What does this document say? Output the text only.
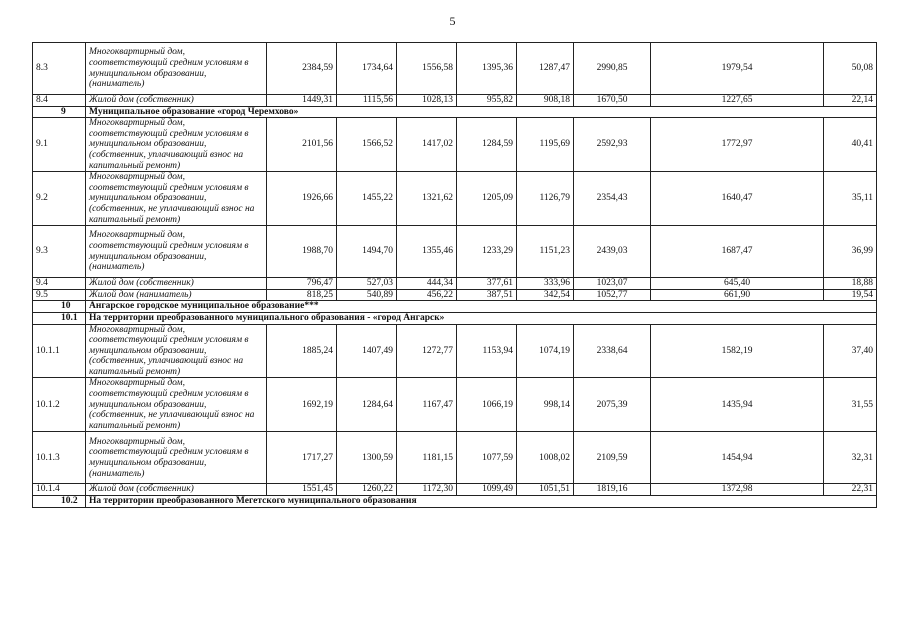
5
8.3	Многоквартирный дом, соответствующий средним условиям в муниципальном образовании, (наниматель)	2384,59	1734,64	1556,58	1395,36	1287,47	2990,85	1979,54	50,08
8.4	Жилой дом (собственник)	1449,31	1115,56	1028,13	955,82	908,18	1670,50	1227,65	22,14
9	Муниципальное образование «город Черемхово»								
9.1	Многоквартирный дом, соответствующий средним условиям в муниципальном образовании, (собственник, уплачивающий взнос на капитальный ремонт)	2101,56	1566,52	1417,02	1284,59	1195,69	2592,93	1772,97	40,41
9.2	Многоквартирный дом, соответствующий средним условиям в муниципальном образовании, (собственник, не уплачивающий взнос на капитальный ремонт)	1926,66	1455,22	1321,62	1205,09	1126,79	2354,43	1640,47	35,11
9.3	Многоквартирный дом, соответствующий средним условиям в муниципальном образовании, (наниматель)	1988,70	1494,70	1355,46	1233,29	1151,23	2439,03	1687,47	36,99
9.4	Жилой дом (собственник)	796,47	527,03	444,34	377,61	333,96	1023,07	645,40	18,88
9.5	Жилой дом (наниматель)	818,25	540,89	456,22	387,51	342,54	1052,77	661,90	19,54
10	Ангарское городское муниципальное образование***								
10.1	На территории преобразованного муниципального образования - «город Ангарск»								
10.1.1	Многоквартирный дом, соответствующий средним условиям в муниципальном образовании, (собственник, уплачивающий взнос на капитальный ремонт)	1885,24	1407,49	1272,77	1153,94	1074,19	2338,64	1582,19	37,40
10.1.2	Многоквартирный дом, соответствующий средним условиям в муниципальном образовании, (собственник, не уплачивающий взнос на капитальный ремонт)	1692,19	1284,64	1167,47	1066,19	998,14	2075,39	1435,94	31,55
10.1.3	Многоквартирный дом, соответствующий средним условиям в муниципальном образовании, (наниматель)	1717,27	1300,59	1181,15	1077,59	1008,02	2109,59	1454,94	32,31
10.1.4	Жилой дом (собственник)	1551,45	1260,22	1172,30	1099,49	1051,51	1819,16	1372,98	22,31
10.2	На территории преобразованного Мегетского муниципального образования								
